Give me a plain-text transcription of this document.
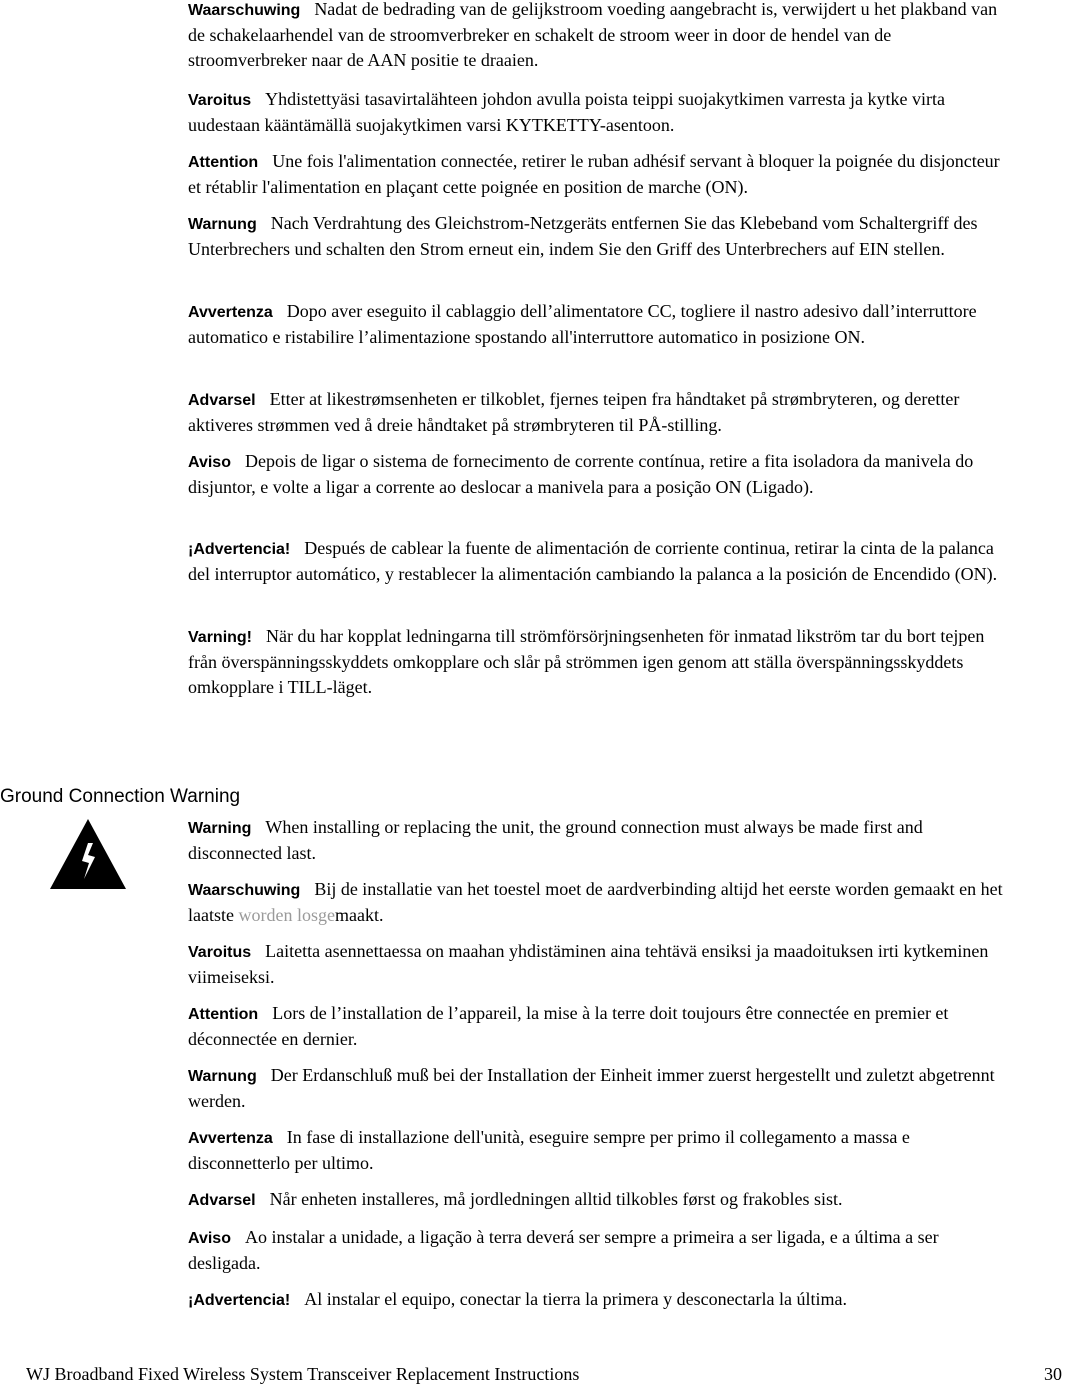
Waarschuwing Nadat de bedrading van de gelijkstroom voeding aangebracht is, verwijdert u het plakband van de schakelaarhendel van de stroomverbreker en schakelt de stroom weer in door de hendel van de stroomverbreker naar de AAN positie te draaien.

Varoitus Yhdistettyäsi tasavirtalähteen johdon avulla poista teippi suojakytkimen varresta ja kytke virta uudestaan kääntämällä suojakytkimen varsi KYTKETTY-asentoon.

Attention Une fois l'alimentation connectée, retirer le ruban adhésif servant à bloquer la poignée du disjoncteur et rétablir l'alimentation en plaçant cette poignée en position de marche (ON).

Warnung Nach Verdrahtung des Gleichstrom-Netzgeräts entfernen Sie das Klebeband vom Schaltergriff des Unterbrechers und schalten den Strom erneut ein, indem Sie den Griff des Unterbrechers auf EIN stellen.

Avvertenza Dopo aver eseguito il cablaggio dell’alimentatore CC, togliere il nastro adesivo dall’interruttore automatico e ristabilire l’alimentazione spostando all'interruttore automatico in posizione ON.

Advarsel Etter at likestrømsenheten er tilkoblet, fjernes teipen fra håndtaket på strømbryteren, og deretter aktiveres strømmen ved å dreie håndtaket på strømbryteren til PÅ-stilling.

Aviso Depois de ligar o sistema de fornecimento de corrente contínua, retire a fita isoladora da manivela do disjuntor, e volte a ligar a corrente ao deslocar a manivela para a posição ON (Ligado).

¡Advertencia! Después de cablear la fuente de alimentación de corriente continua, retirar la cinta de la palanca del interruptor automático, y restablecer la alimentación cambiando la palanca a la posición de Encendido (ON).

Varning! När du har kopplat ledningarna till strömförsörjningsenheten för inmatad likström tar du bort tejpen från överspänningsskyddets omkopplare och slår på strömmen igen genom att ställa överspänningsskyddets omkopplare i TILL-läget.

Ground Connection Warning

Warning When installing or replacing the unit, the ground connection must always be made first and disconnected last.

Waarschuwing Bij de installatie van het toestel moet de aardverbinding altijd het eerste worden gemaakt en het laatste worden losgemaakt.

Varoitus Laitetta asennettaessa on maahan yhdistäminen aina tehtävä ensiksi ja maadoituksen irti kytkeminen viimeiseksi.

Attention Lors de l’installation de l’appareil, la mise à la terre doit toujours être connectée en premier et déconnectée en dernier.

Warnung Der Erdanschluß muß bei der Installation der Einheit immer zuerst hergestellt und zuletzt abgetrennt werden.

Avvertenza In fase di installazione dell'unità, eseguire sempre per primo il collegamento a massa e disconnetterlo per ultimo.

Advarsel Når enheten installeres, må jordledningen alltid tilkobles først og frakobles sist.

Aviso Ao instalar a unidade, a ligação à terra deverá ser sempre a primeira a ser ligada, e a última a ser desligada.

¡Advertencia! Al instalar el equipo, conectar la tierra la primera y desconectarla la última.

WJ Broadband Fixed Wireless System Transceiver Replacement Instructions	30
